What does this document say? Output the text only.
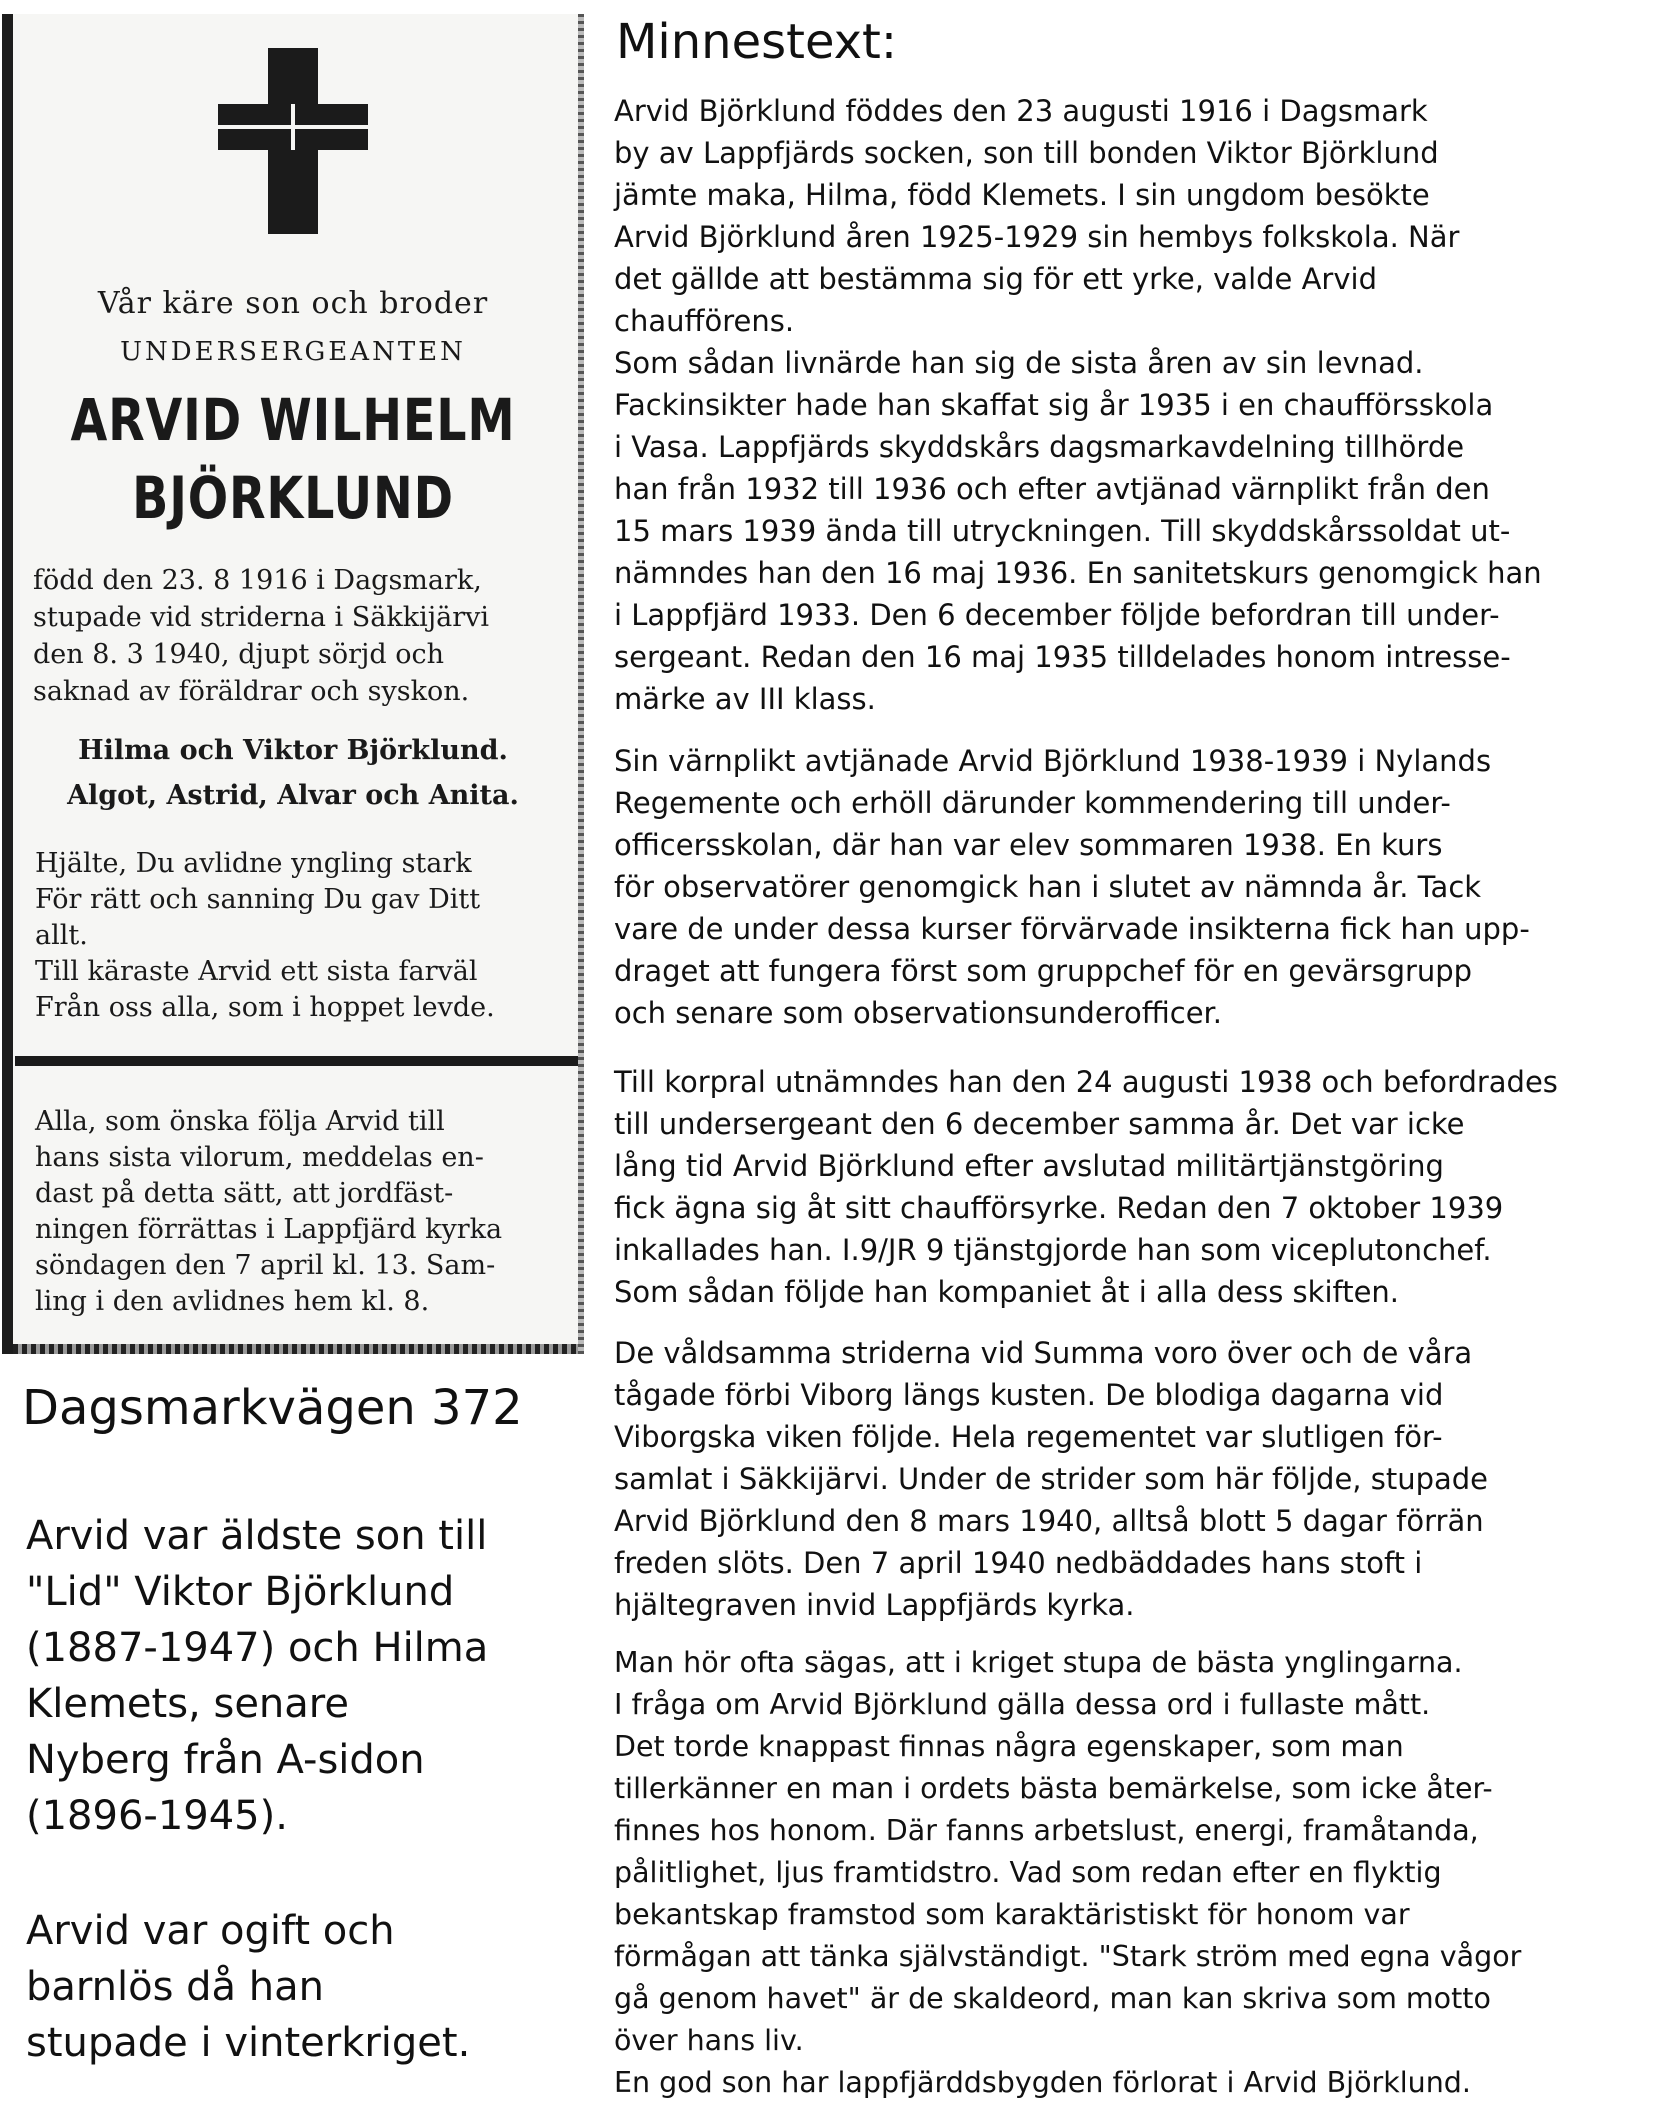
Vår käre son och broder

UNDERSERGEANTEN

ARVID WILHELM

BJÖRKLUND

född den 23. 8 1916 i Dagsmark,
stupade vid striderna i Säkkijärvi
den 8. 3 1940, djupt sörjd och
saknad av föräldrar och syskon.

Hilma och Viktor Björklund.
Algot, Astrid, Alvar och Anita.

Hjälte, Du avlidne yngling stark
För rätt och sanning Du gav Ditt
allt.
Till käraste Arvid ett sista farväl
Från oss alla, som i hoppet levde.

Alla, som önska följa Arvid till
hans sista vilorum, meddelas en-
dast på detta sätt, att jordfäst-
ningen förrättas i Lappfjärd kyrka
söndagen den 7 april kl. 13. Sam-
ling i den avlidnes hem kl. 8.

Minnestext:

Arvid Björklund föddes den 23 augusti 1916 i Dagsmark
by av Lappfjärds socken, son till bonden Viktor Björklund
jämte maka, Hilma, född Klemets. I sin ungdom besökte
Arvid Björklund åren 1925-1929 sin hembys folkskola. När
det gällde att bestämma sig för ett yrke, valde Arvid
chaufförens.
Som sådan livnärde han sig de sista åren av sin levnad.
Fackinsikter hade han skaffat sig år 1935 i en chaufförsskola
i Vasa. Lappfjärds skyddskårs dagsmarkavdelning tillhörde
han från 1932 till 1936 och efter avtjänad värnplikt från den
15 mars 1939 ända till utryckningen. Till skyddskårssoldat ut-
nämndes han den 16 maj 1936. En sanitetskurs genomgick han
i Lappfjärd 1933. Den 6 december följde befordran till under-
sergeant. Redan den 16 maj 1935 tilldelades honom intresse-
märke av III klass.

Sin värnplikt avtjänade Arvid Björklund 1938-1939 i Nylands
Regemente och erhöll därunder kommendering till under-
officersskolan, där han var elev sommaren 1938. En kurs
för observatörer genomgick han i slutet av nämnda år. Tack
vare de under dessa kurser förvärvade insikterna fick han upp-
draget att fungera först som gruppchef för en gevärsgrupp
och senare som observationsunderofficer.

Till korpral utnämndes han den 24 augusti 1938 och befordrades
till undersergeant den 6 december samma år. Det var icke
lång tid Arvid Björklund efter avslutad militärtjänstgöring
fick ägna sig åt sitt chaufförsyrke. Redan den 7 oktober 1939
inkallades han. I.9/JR 9 tjänstgjorde han som viceplutonchef.
Som sådan följde han kompaniet åt i alla dess skiften.

De våldsamma striderna vid Summa voro över och de våra
tågade förbi Viborg längs kusten. De blodiga dagarna vid
Viborgska viken följde. Hela regementet var slutligen för-
samlat i Säkkijärvi. Under de strider som här följde, stupade
Arvid Björklund den 8 mars 1940, alltså blott 5 dagar förrän
freden slöts. Den 7 april 1940 nedbäddades hans stoft i
hjältegraven invid Lappfjärds kyrka.

Man hör ofta sägas, att i kriget stupa de bästa ynglingarna.
I fråga om Arvid Björklund gälla dessa ord i fullaste mått.
Det torde knappast finnas några egenskaper, som man
tillerkänner en man i ordets bästa bemärkelse, som icke åter-
finnes hos honom. Där fanns arbetslust, energi, framåtanda,
pålitlighet, ljus framtidstro. Vad som redan efter en flyktig
bekantskap framstod som karaktäristiskt för honom var
förmågan att tänka självständigt. "Stark ström med egna vågor
gå genom havet" är de skaldeord, man kan skriva som motto
över hans liv.
En god son har lappfjärddsbygden förlorat i Arvid Björklund.

Dagsmarkvägen 372

Arvid var äldste son till
"Lid" Viktor Björklund
(1887-1947) och Hilma
Klemets, senare
Nyberg från A-sidon
(1896-1945).

Arvid var ogift och
barnlös då han
stupade i vinterkriget.
